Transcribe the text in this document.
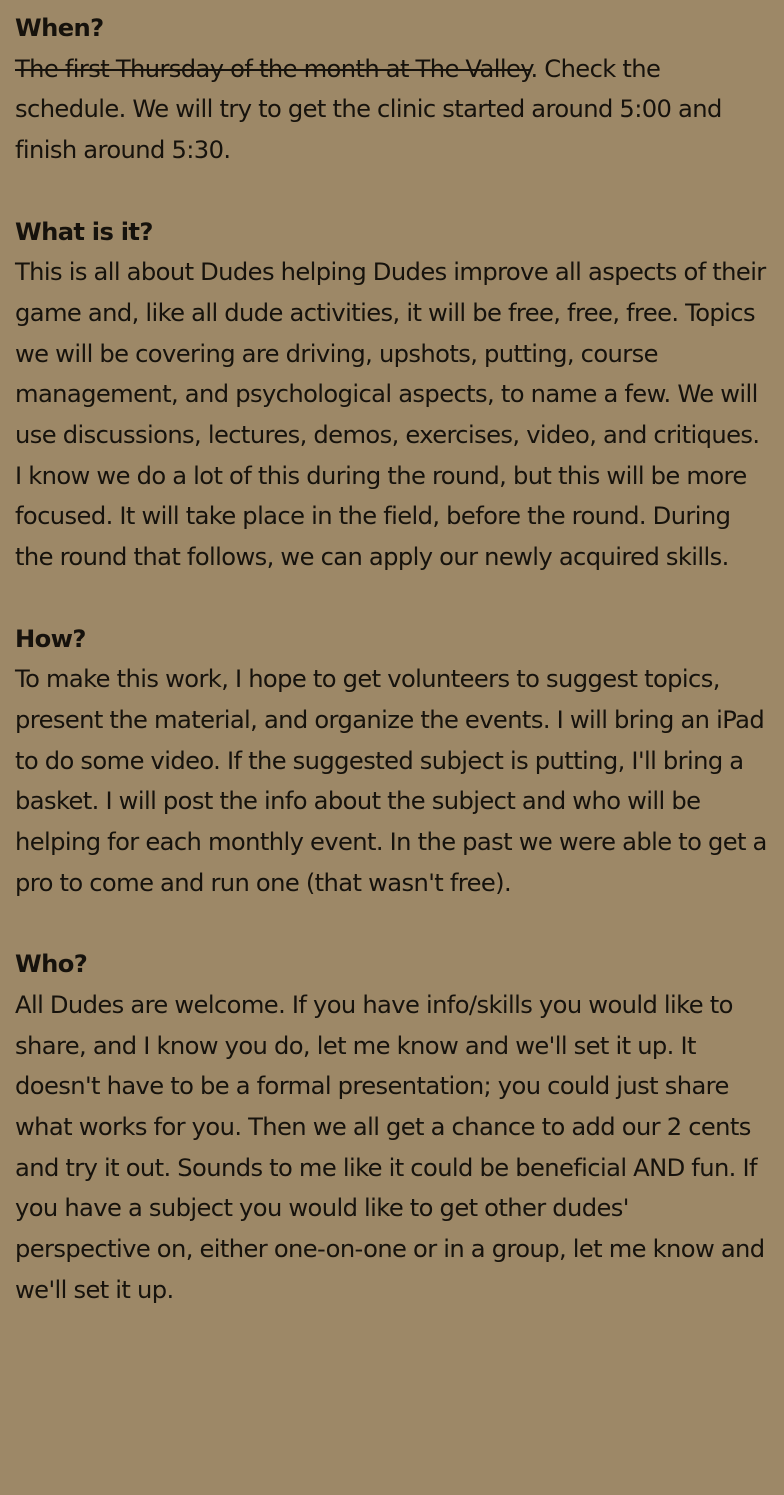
When?
The first Thursday of the month at The Valley. Check the schedule. We will try to get the clinic started around 5:00 and finish around 5:30.
What is it?
This is all about Dudes helping Dudes improve all aspects of their game and, like all dude activities, it will be free, free, free. Topics we will be covering are driving, upshots, putting, course management, and psychological aspects, to name a few. We will use discussions, lectures, demos, exercises, video, and critiques. I know we do a lot of this during the round, but this will be more focused. It will take place in the field, before the round. During the round that follows, we can apply our newly acquired skills.
How?
To make this work, I hope to get volunteers to suggest topics, present the material, and organize the events. I will bring an iPad to do some video. If the suggested subject is putting, I'll bring a basket. I will post the info about the subject and who will be helping for each monthly event. In the past we were able to get a pro to come and run one (that wasn't free).
Who?
All Dudes are welcome. If you have info/skills you would like to share, and I know you do, let me know and we'll set it up. It doesn't have to be a formal presentation; you could just share what works for you. Then we all get a chance to add our 2 cents and try it out. Sounds to me like it could be beneficial AND fun. If you have a subject you would like to get other dudes' perspective on, either one-on-one or in a group, let me know and we'll set it up.
